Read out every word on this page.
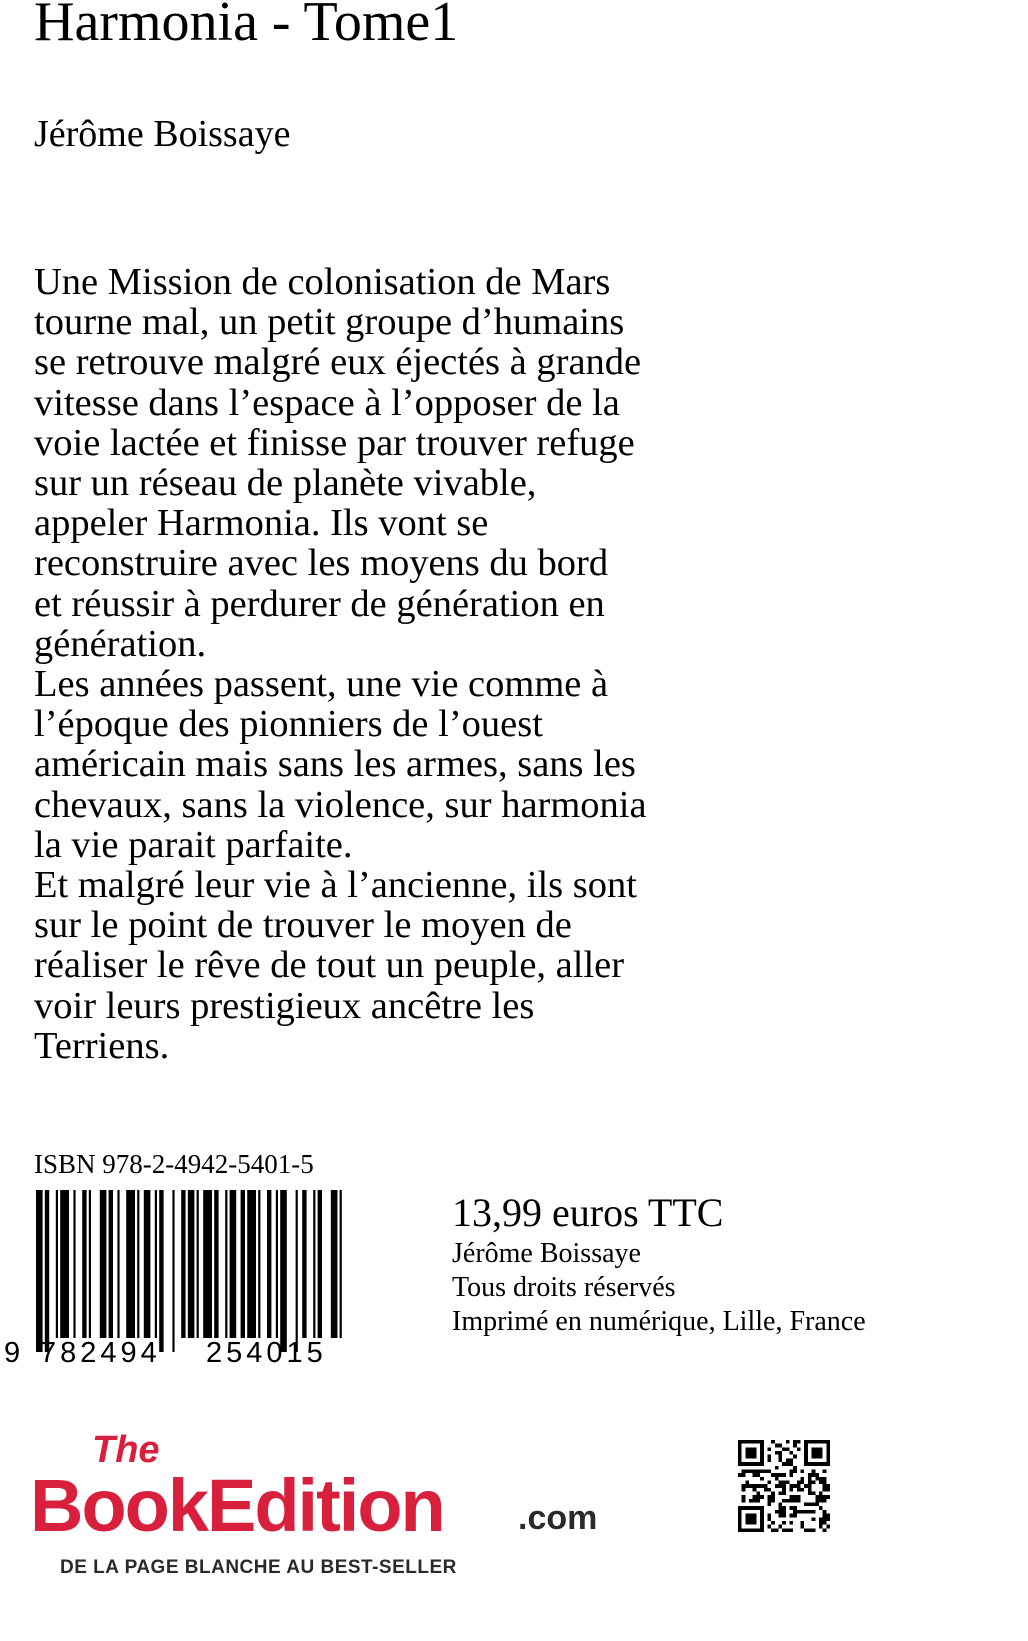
Harmonia - Tome1
Jérôme Boissaye

Une Mission de colonisation de Mars

tourne mal, un petit groupe d’humains

se retrouve malgré eux éjectés à grande

vitesse dans l’espace à l’opposer de la

voie lactée et finisse par trouver refuge

sur un réseau de planète vivable,

appeler Harmonia. Ils vont se

reconstruire avec les moyens du bord

et réussir à perdurer de génération en

génération.

Les années passent, une vie comme à

l’époque des pionniers de l’ouest

américain mais sans les armes, sans les

chevaux, sans la violence, sur harmonia

la vie parait parfaite.

Et malgré leur vie à l’ancienne, ils sont

sur le point de trouver le moyen de

réaliser le rêve de tout un peuple, aller

voir leurs prestigieux ancêtre les

Terriens.

ISBN 978-2-4942-5401-5
9 782494 254015
13,99 euros TTC
Jérôme Boissaye
Tous droits réservés
Imprimé en numérique, Lille, France
The
BookEdition .com
DE LA PAGE BLANCHE AU BEST-SELLER
